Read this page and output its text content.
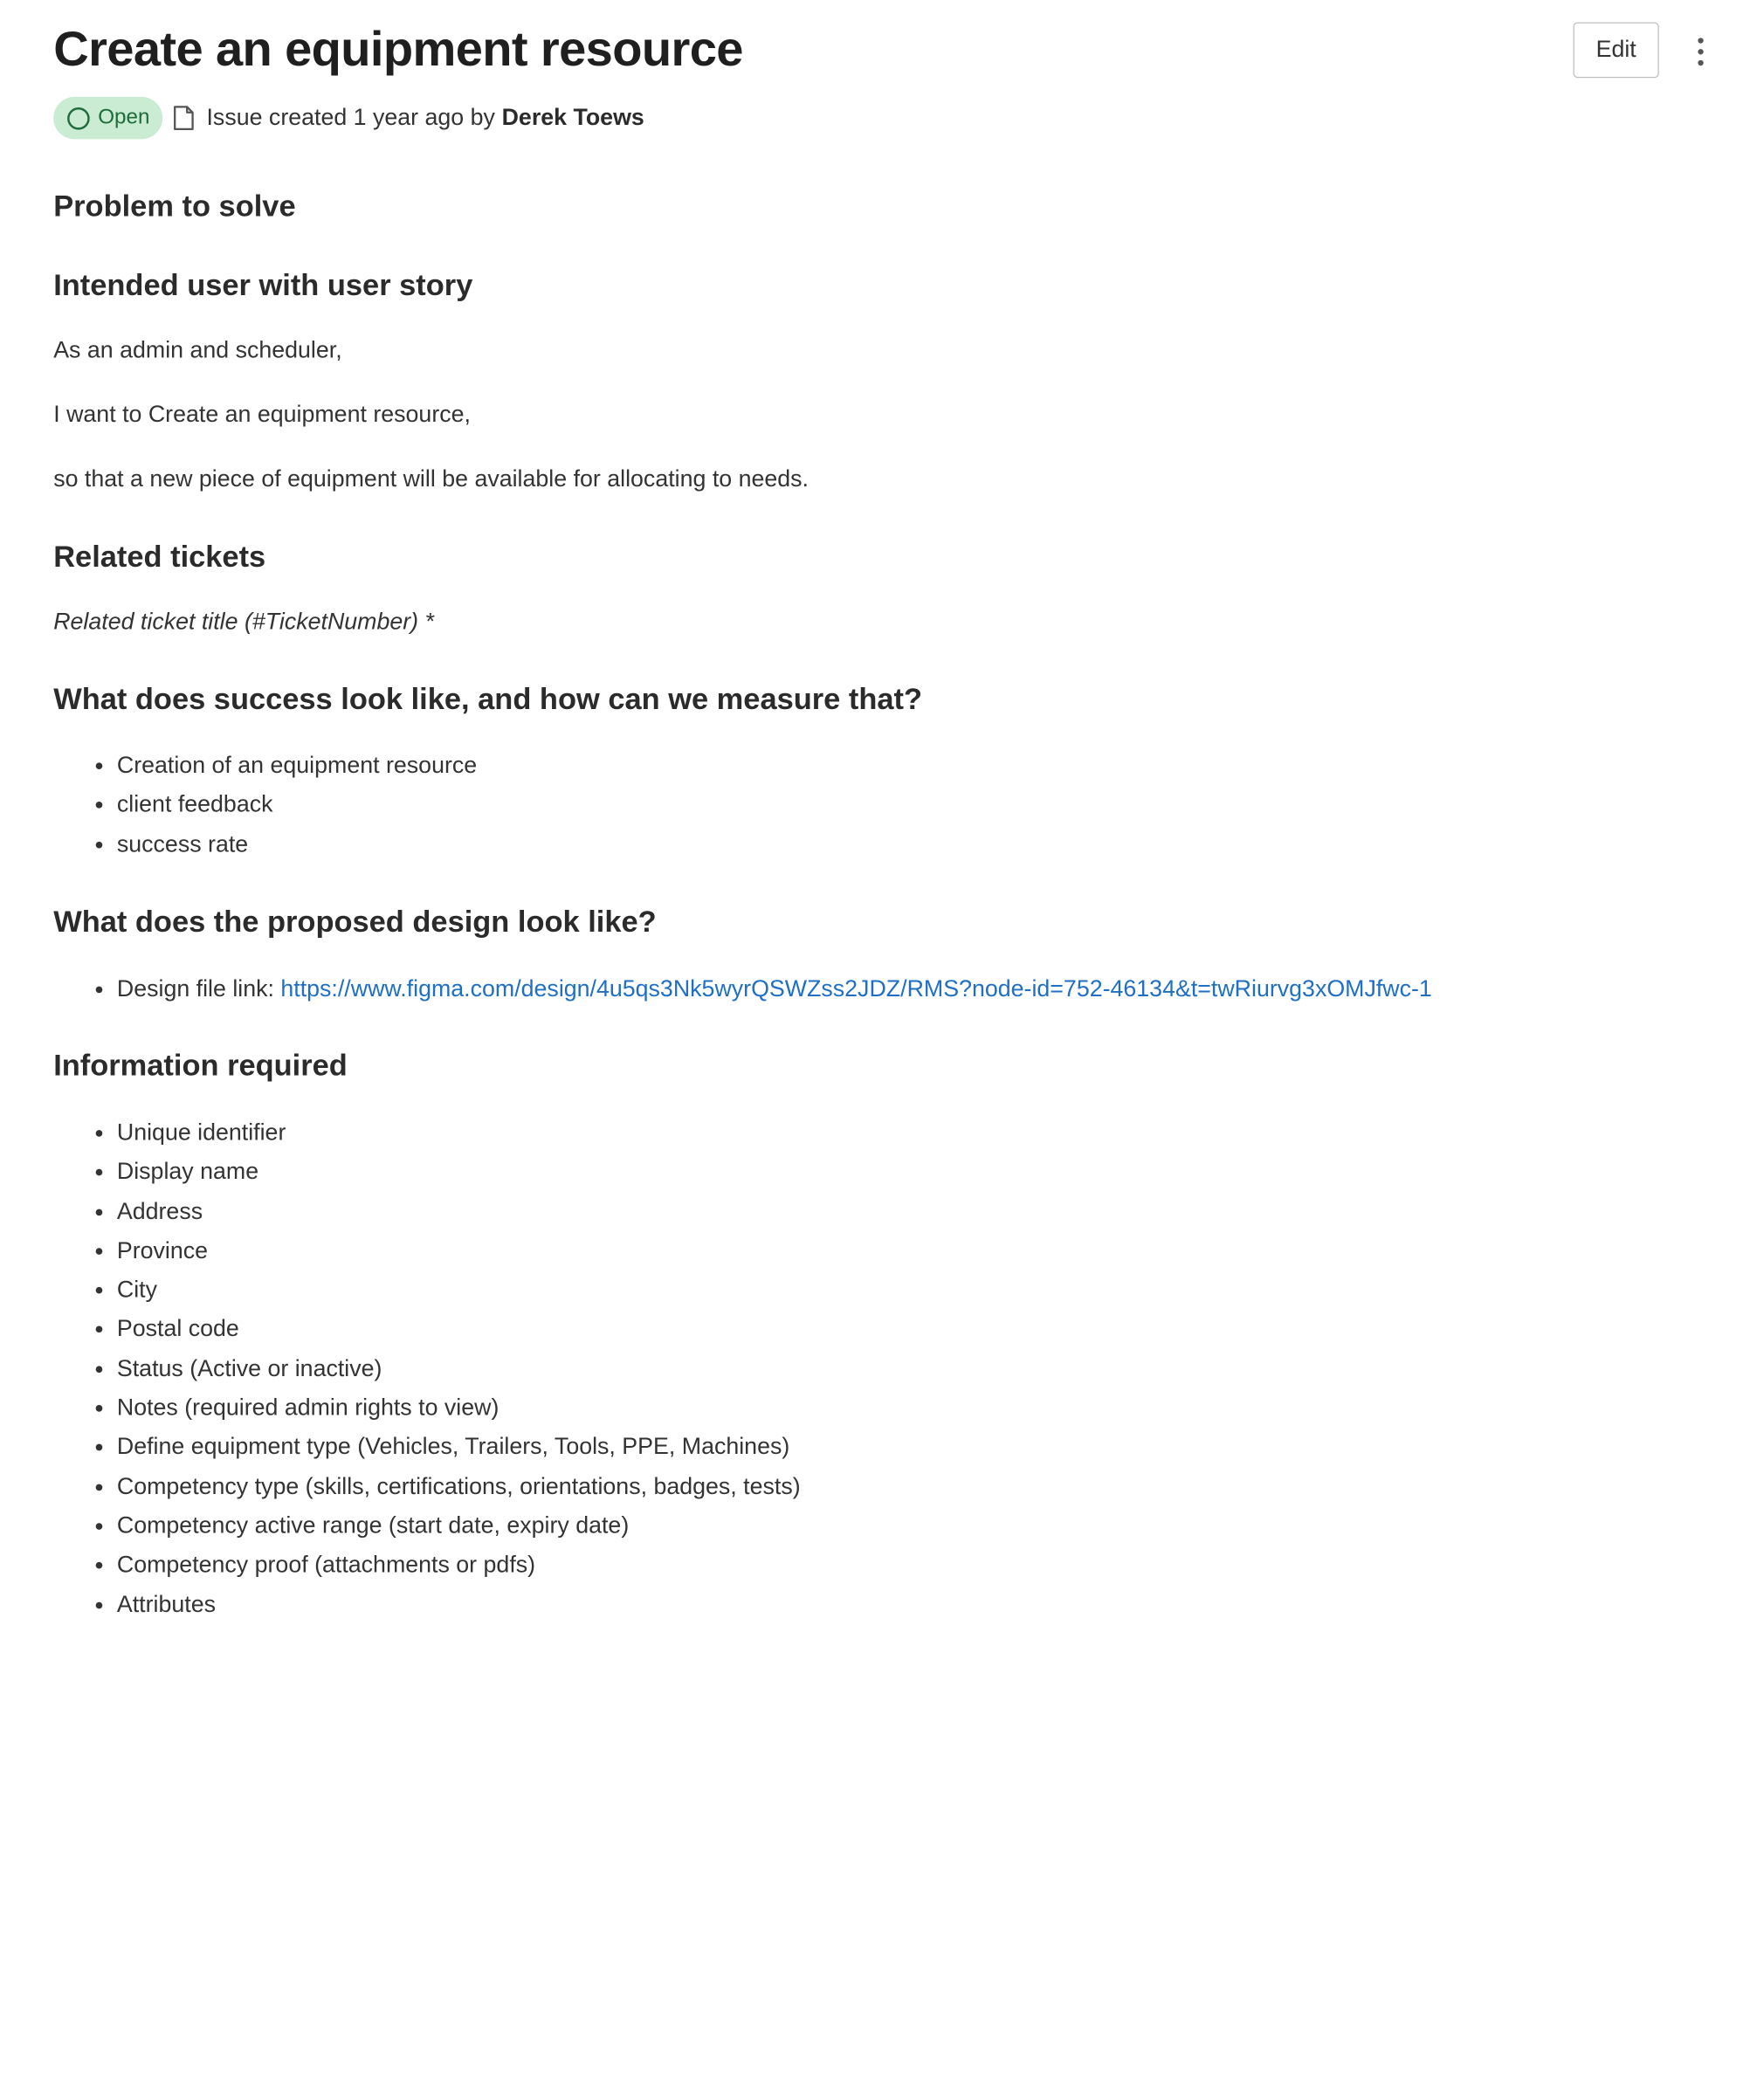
Create an equipment resource	Edit
Open	Issue created 1 year ago by Derek Toews
Problem to solve
Intended user with user story

As an admin and scheduler,

I want to Create an equipment resource,

so that a new piece of equipment will be available for allocating to needs.

Related tickets

Related ticket title (#TicketNumber) *

What does success look like, and how can we measure that?
• Creation of an equipment resource
• client feedback
• success rate
What does the proposed design look like?
• Design file link: https://www.figma.com/design/4u5qs3Nk5wyrQSWZss2JDZ/RMS?node-id=752-46134&t=twRiurvg3xOMJfwc-1
Information required
• Unique identifier
• Display name
• Address
• Province
• City
• Postal code
• Status (Active or inactive)
• Notes (required admin rights to view)
• Define equipment type (Vehicles, Trailers, Tools, PPE, Machines)
• Competency type (skills, certifications, orientations, badges, tests)
• Competency active range (start date, expiry date)
• Competency proof (attachments or pdfs)
• Attributes
